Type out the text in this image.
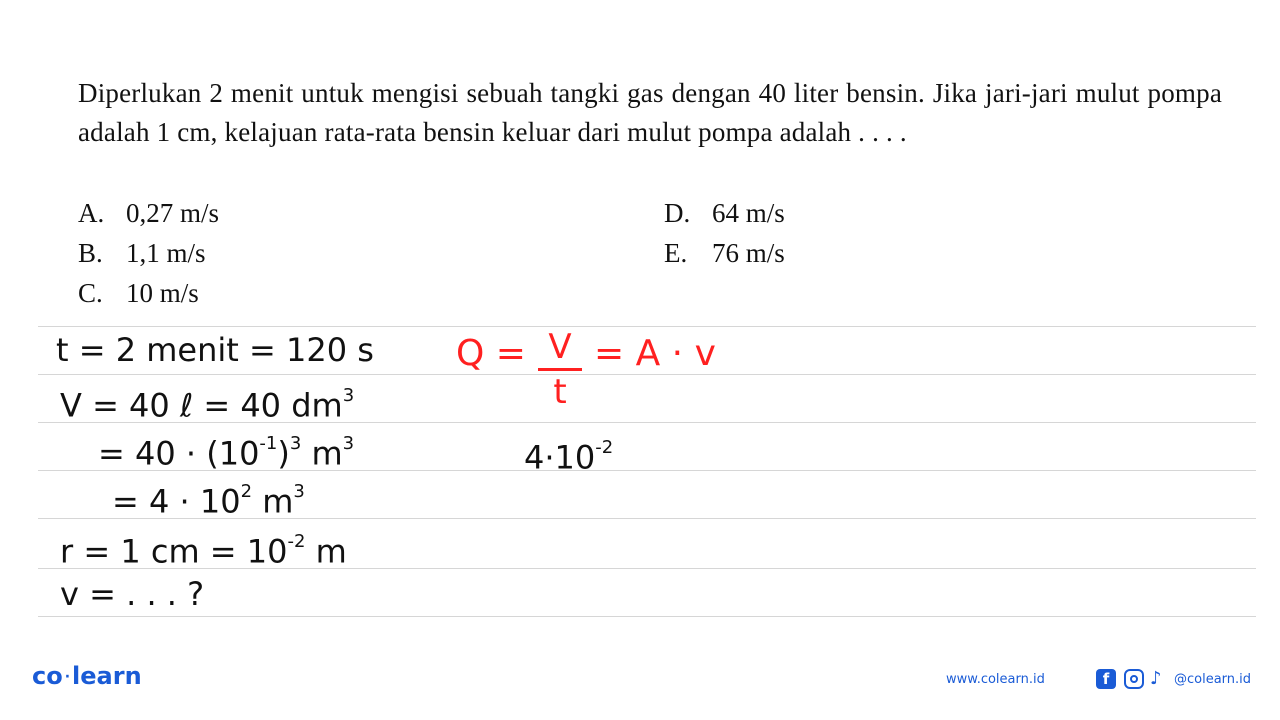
Diperlukan 2 menit untuk mengisi sebuah tangki gas dengan 40 liter bensin. Jika jari-jari mulut pompa adalah 1 cm, kelajuan rata-rata bensin keluar dari mulut pompa adalah . . . .
A. 0,27 m/s
B. 1,1 m/s
C. 10 m/s
D. 64 m/s
E. 76 m/s
t = 2 menit = 120 s
V = 40 ℓ = 40 $dm^3$
= $40 \cdot (10^{-1})^3$ $m^3$
= $4 \cdot 10^2$ $m^3$
r = 1 cm = $10^{-2}$ m
v = . . . ?
$4\cdot 10^{-2}$
Q = V
t
= A · v
co ·learn	www.colearn.id	f	♪ @colearn.id
